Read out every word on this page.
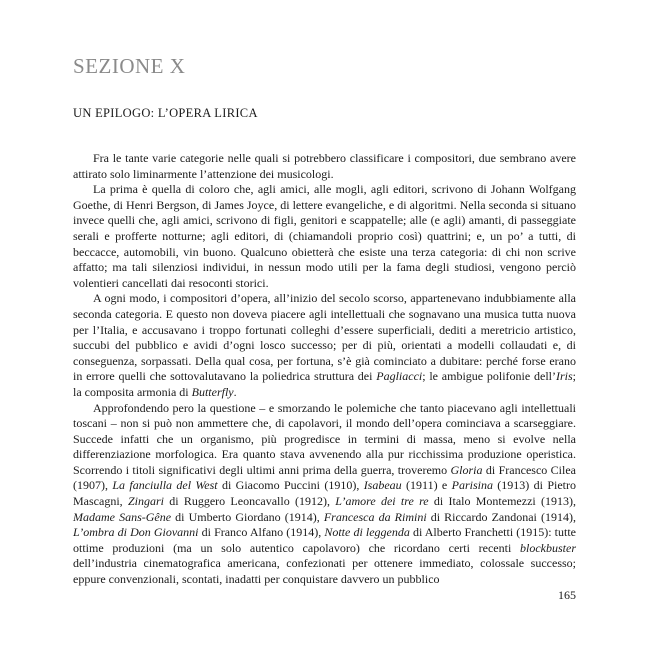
SEZIONE X
UN EPILOGO: L’OPERA LIRICA

Fra le tante varie categorie nelle quali si potrebbero classificare i compositori, due sembrano avere attirato solo liminarmente l’attenzione dei musicologi.

La prima è quella di coloro che, agli amici, alle mogli, agli editori, scrivono di Johann Wolfgang Goethe, di Henri Bergson, di James Joyce, di lettere evangeliche, e di algoritmi. Nella seconda si situano invece quelli che, agli amici, scrivono di figli, genitori e scappatelle; alle (e agli) amanti, di passeggiate serali e profferte notturne; agli editori, di (chiamandoli proprio così) quattrini; e, un po’ a tutti, di beccacce, automobili, vin buono. Qualcuno obietterà che esiste una terza categoria: di chi non scrive affatto; ma tali silenziosi individui, in nessun modo utili per la fama degli studiosi, vengono perciò volentieri cancellati dai resoconti storici.

A ogni modo, i compositori d’opera, all’inizio del secolo scorso, appartenevano indubbiamente alla seconda categoria. E questo non doveva piacere agli intellettuali che sognavano una musica tutta nuova per l’Italia, e accusavano i troppo fortunati colleghi d’essere superficiali, dediti a meretricio artistico, succubi del pubblico e avidi d’ogni losco successo; per di più, orientati a modelli collaudati e, di conseguenza, sorpassati. Della qual cosa, per fortuna, s’è già cominciato a dubitare: perché forse erano in errore quelli che sottovalutavano la poliedrica struttura dei Pagliacci; le ambigue polifonie dell’Iris; la composita armonia di Butterfly.

Approfondendo pero la questione – e smorzando le polemiche che tanto piacevano agli intellettuali toscani – non si può non ammettere che, di capolavori, il mondo dell’opera cominciava a scarseggiare. Succede infatti che un organismo, più progredisce in termini di massa, meno si evolve nella differenziazione morfologica. Era quanto stava avvenendo alla pur ricchissima produzione operistica. Scorrendo i titoli significativi degli ultimi anni prima della guerra, troveremo Gloria di Francesco Cilea (1907), La fanciulla del West di Giacomo Puccini (1910), Isabeau (1911) e Parisina (1913) di Pietro Mascagni, Zingari di Ruggero Leoncavallo (1912), L’amore dei tre re di Italo Montemezzi (1913), Madame Sans-Gêne di Umberto Giordano (1914), Francesca da Rimini di Riccardo Zandonai (1914), L’ombra di Don Giovanni di Franco Alfano (1914), Notte di leggenda di Alberto Franchetti (1915): tutte ottime produzioni (ma un solo autentico capolavoro) che ricordano certi recenti blockbuster dell’industria cinematografica americana, confezionati per ottenere immediato, colossale successo; eppure convenzionali, scontati, inadatti per conquistare davvero un pubblico

165
